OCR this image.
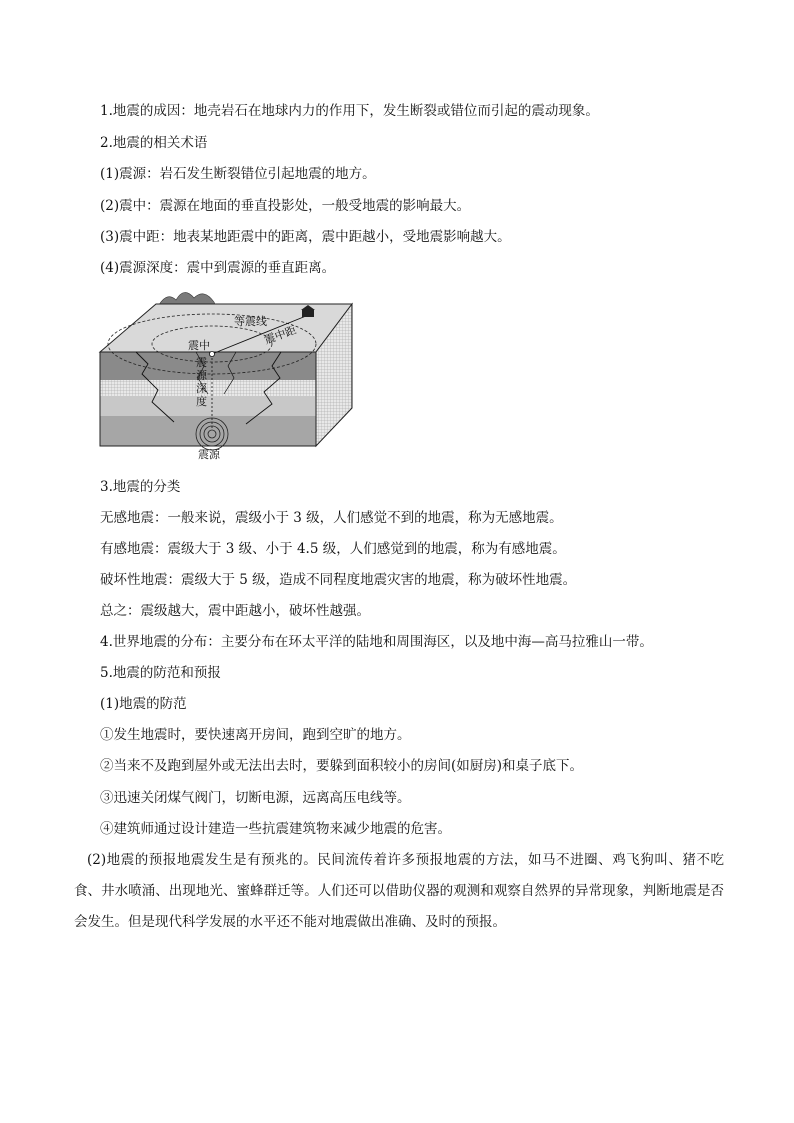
1.地震的成因：地壳岩石在地球内力的作用下，发生断裂或错位而引起的震动现象。
2.地震的相关术语
(1)震源：岩石发生断裂错位引起地震的地方。
(2)震中：震源在地面的垂直投影处，一般受地震的影响最大。
(3)震中距：地表某地距震中的距离，震中距越小，受地震影响越大。
(4)震源深度：震中到震源的垂直距离。
等震线
震中距
震中
震
源
深
度
震源
3.地震的分类
无感地震：一般来说，震级小于 3 级，人们感觉不到的地震，称为无感地震。
有感地震：震级大于 3 级、小于 4.5 级，人们感觉到的地震，称为有感地震。
破坏性地震：震级大于 5 级，造成不同程度地震灾害的地震，称为破坏性地震。
总之：震级越大，震中距越小，破坏性越强。
4.世界地震的分布：主要分布在环太平洋的陆地和周围海区，以及地中海—高马拉雅山一带。
5.地震的防范和预报
(1)地震的防范
①发生地震时，要快速离开房间，跑到空旷的地方。
②当来不及跑到屋外或无法出去时，要躲到面积较小的房间(如厨房)和桌子底下。
③迅速关闭煤气阀门，切断电源，远离高压电线等。
④建筑师通过设计建造一些抗震建筑物来减少地震的危害。
(2)地震的预报地震发生是有预兆的。民间流传着许多预报地震的方法，如马不进圈、鸡飞狗叫、猪不吃食、井水喷涌、出现地光、蜜蜂群迁等。人们还可以借助仪器的观测和观察自然界的异常现象，判断地震是否会发生。但是现代科学发展的水平还不能对地震做出准确、及时的预报。
